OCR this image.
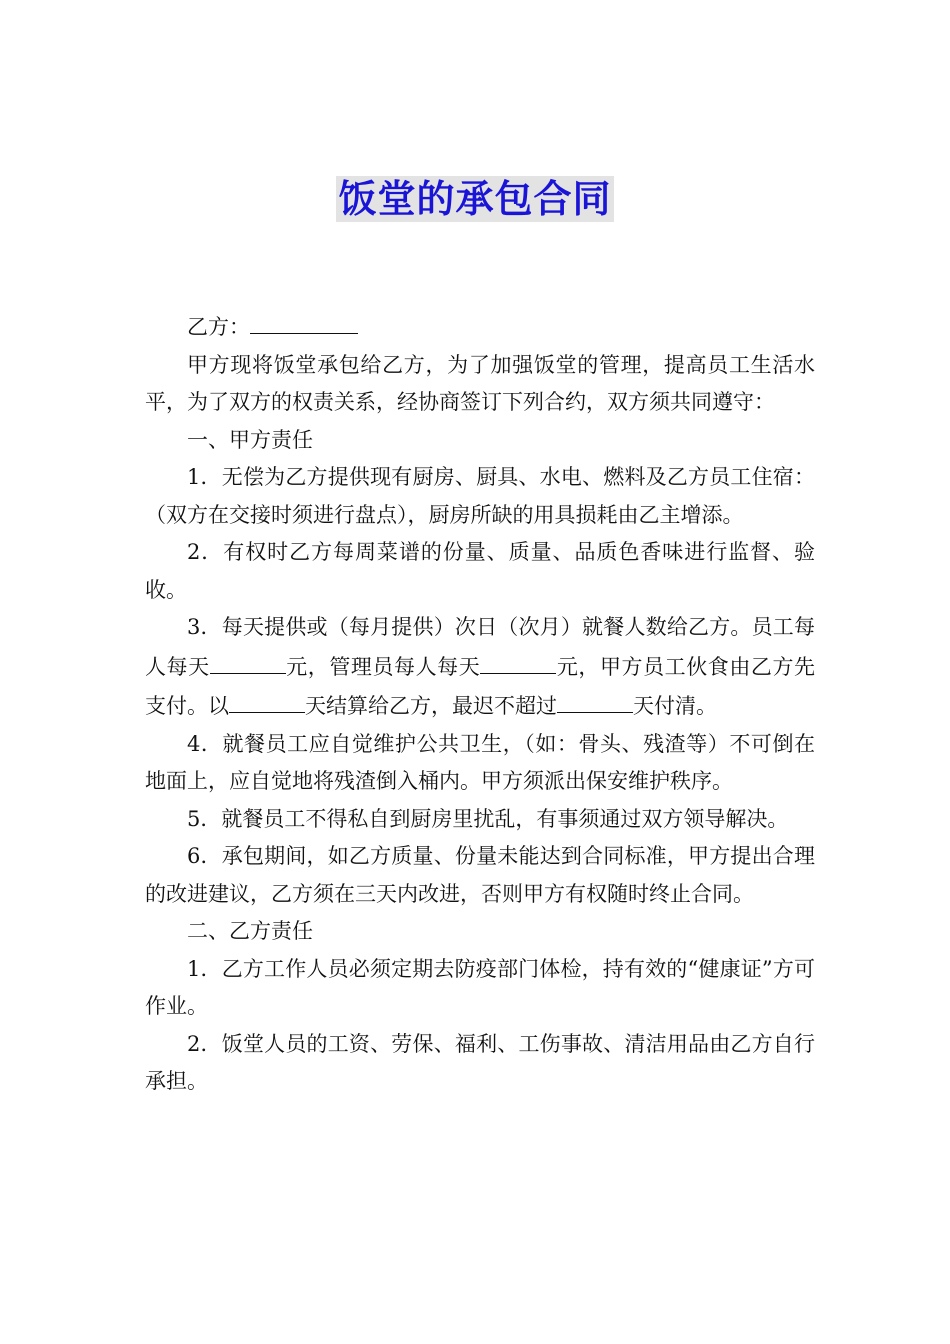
饭堂的承包合同

乙方：

甲方现将饭堂承包给乙方，为了加强饭堂的管理，提高员工生活水平，为了双方的权责关系，经协商签订下列合约，双方须共同遵守：

一、甲方责任

1．无偿为乙方提供现有厨房、厨具、水电、燃料及乙方员工住宿：（双方在交接时须进行盘点），厨房所缺的用具损耗由乙主增添。

2．有权时乙方每周菜谱的份量、质量、品质色香味进行监督、验收。

3．每天提供或（每月提供）次日（次月）就餐人数给乙方。员工每人每天	元，管理员每人每天	元，甲方员工伙食由乙方先支付。以	天结算给乙方，最迟不超过	天付清。

4．就餐员工应自觉维护公共卫生，（如：骨头、残渣等）不可倒在地面上，应自觉地将残渣倒入桶内。甲方须派出保安维护秩序。

5．就餐员工不得私自到厨房里扰乱，有事须通过双方领导解决。

6．承包期间，如乙方质量、份量未能达到合同标准，甲方提出合理的改进建议，乙方须在三天内改进，否则甲方有权随时终止合同。

二、乙方责任

1．乙方工作人员必须定期去防疫部门体检，持有效的“健康证”方可作业。

2．饭堂人员的工资、劳保、福利、工伤事故、清洁用品由乙方自行承担。
